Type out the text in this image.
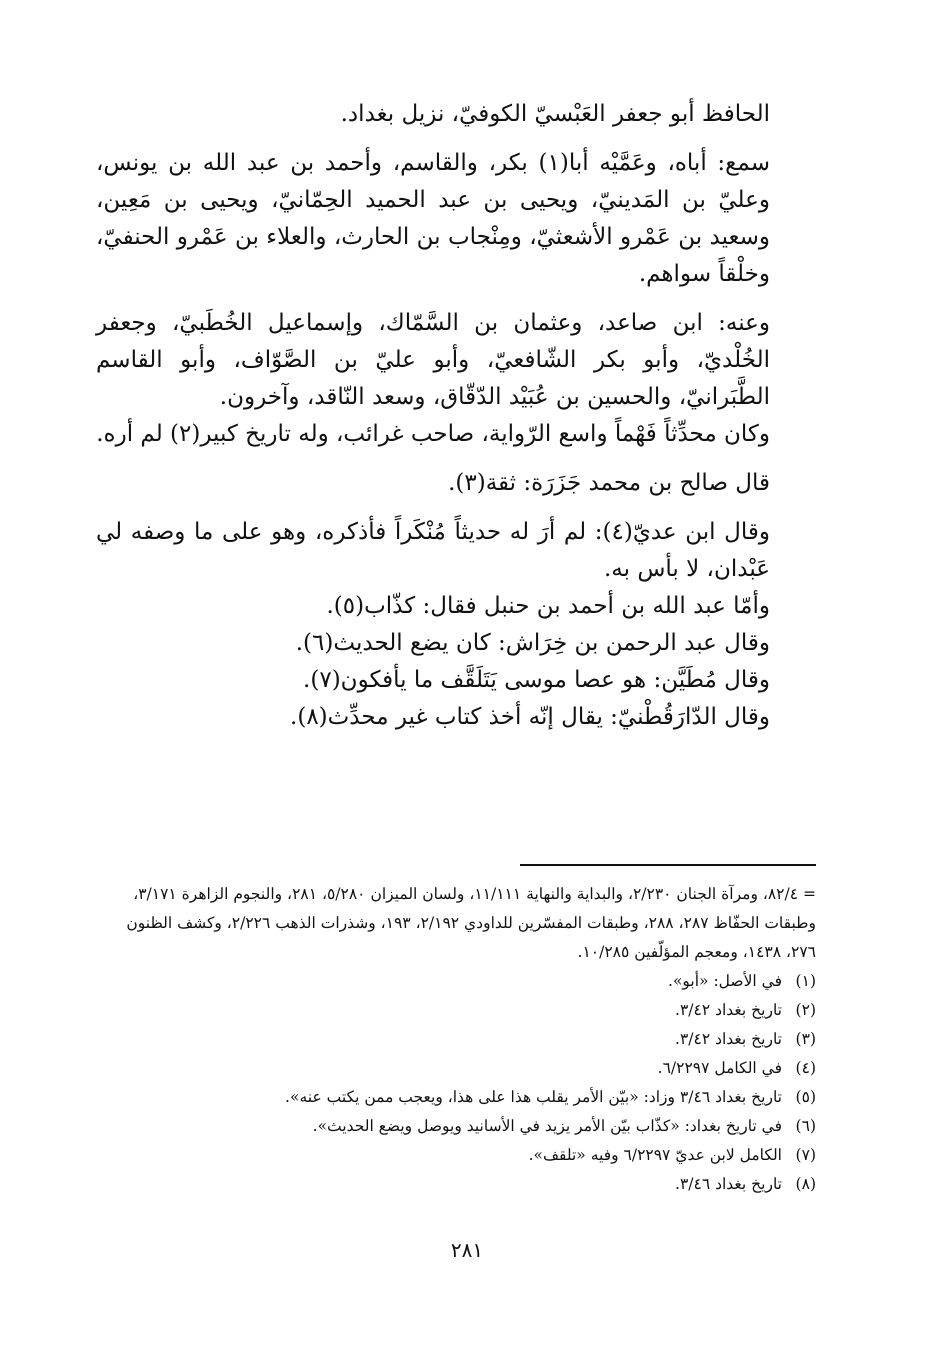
الحافظ أبو جعفر العَبْسيّ الكوفيّ، نزيل بغداد.

سمع: أباه، وعَمَّيْه أبا(١) بكر، والقاسم، وأحمد بن عبد الله بن يونس، وعليّ بن المَدينيّ، ويحيى بن عبد الحميد الحِمّانيّ، ويحيى بن مَعِين، وسعيد بن عَمْرو الأشعثيّ، ومِنْجاب بن الحارث، والعلاء بن عَمْرو الحنفيّ، وخلْقاً سواهم.

وعنه: ابن صاعد، وعثمان بن السَّمّاك، وإسماعيل الخُطَبيّ، وجعفر الخُلْديّ، وأبو بكر الشّافعيّ، وأبو عليّ بن الصَّوّاف، وأبو القاسم الطَّبَرانيّ، والحسين بن عُبَيْد الدّقّاق، وسعد النّاقد، وآخرون.

وكان محدِّثاً فَهْماً واسع الرّواية، صاحب غرائب، وله تاريخ كبير(٢) لم أره.

قال صالح بن محمد جَزَرَة: ثقة(٣).

وقال ابن عديّ(٤): لم أرَ له حديثاً مُنْكَراً فأذكره، وهو على ما وصفه لي عَبْدان، لا بأس به.

وأمّا عبد الله بن أحمد بن حنبل فقال: كذّاب(٥).

وقال عبد الرحمن بن خِرَاش: كان يضع الحديث(٦).

وقال مُطَيَّن: هو عصا موسى يَتَلَقَّف ما يأفكون(٧).

وقال الدّارَقُطْنيّ: يقال إنّه أخذ كتاب غير محدِّث(٨).

= ٨٢/٤، ومرآة الجنان ٢/٢٣٠، والبداية والنهاية ١١/١١١، ولسان الميزان ٥/٢٨٠، ٢٨١، والنجوم الزاهرة ٣/١٧١، وطبقات الحفّاظ ٢٨٧، ٢٨٨، وطبقات المفسّرين للداودي ٢/١٩٢، ١٩٣، وشذرات الذهب ٢/٢٢٦، وكشف الظنون ٢٧٦، ١٤٣٨، ومعجم المؤلّفين ١٠/٢٨٥.

(١)
في الأصل: «أبو».
(٢)
تاريخ بغداد ٣/٤٢.
(٣)
تاريخ بغداد ٣/٤٢.
(٤)
في الكامل ٦/٢٢٩٧.
(٥)
تاريخ بغداد ٣/٤٦ وزاد: «بيّن الأمر يقلب هذا على هذا، ويعجب ممن يكتب عنه».
(٦)
في تاريخ بغداد: «كذّاب بيّن الأمر يزيد في الأسانيد ويوصل ويضع الحديث».
(٧)
الكامل لابن عديّ ٦/٢٢٩٧ وفيه «تلقف».
(٨)
تاريخ بغداد ٣/٤٦.
٢٨١
